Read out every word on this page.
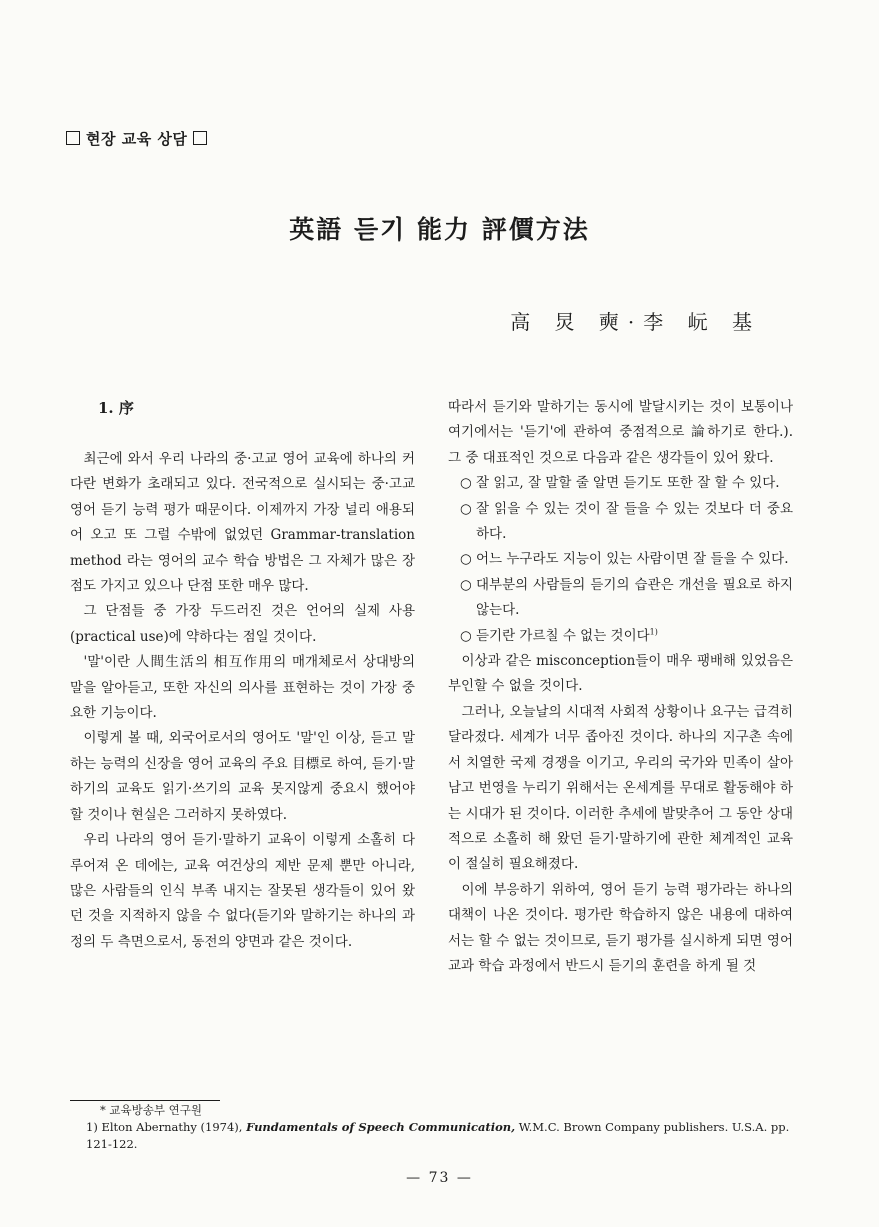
현장 교육 상담
英語 듣기 能力 評價方法
高 炅 奭·李 岏 基
1. 序

최근에 와서 우리 나라의 중·고교 영어 교육에 하나의 커다란 변화가 초래되고 있다. 전국적으로 실시되는 중·고교 영어 듣기 능력 평가 때문이다. 이제까지 가장 널리 애용되어 오고 또 그럴 수밖에 없었던 Grammar-translation method 라는 영어의 교수 학습 방법은 그 자체가 많은 장점도 가지고 있으나 단점 또한 매우 많다.

그 단점들 중 가장 두드러진 것은 언어의 실제 사용(practical use)에 약하다는 점일 것이다.

'말'이란 人間生活의 相互作用의 매개체로서 상대방의 말을 알아듣고, 또한 자신의 의사를 표현하는 것이 가장 중요한 기능이다.

이렇게 볼 때, 외국어로서의 영어도 '말'인 이상, 듣고 말하는 능력의 신장을 영어 교육의 주요 目標로 하여, 듣기·말하기의 교육도 읽기·쓰기의 교육 못지않게 중요시 했어야 할 것이나 현실은 그러하지 못하였다.

우리 나라의 영어 듣기·말하기 교육이 이렇게 소홀히 다루어져 온 데에는, 교육 여건상의 제반 문제 뿐만 아니라, 많은 사람들의 인식 부족 내지는 잘못된 생각들이 있어 왔던 것을 지적하지 않을 수 없다(듣기와 말하기는 하나의 과정의 두 측면으로서, 동전의 양면과 같은 것이다.

따라서 듣기와 말하기는 동시에 발달시키는 것이 보통이나 여기에서는 '듣기'에 관하여 중점적으로 論하기로 한다.). 그 중 대표적인 것으로 다음과 같은 생각들이 있어 왔다.

○ 잘 읽고, 잘 말할 줄 알면 듣기도 또한 잘 할 수 있다.
○ 잘 읽을 수 있는 것이 잘 들을 수 있는 것보다 더 중요하다.
○ 어느 누구라도 지능이 있는 사람이면 잘 들을 수 있다.
○ 대부분의 사람들의 듣기의 습관은 개선을 필요로 하지 않는다.
○ 듣기란 가르칠 수 없는 것이다$^{1)}$

이상과 같은 misconception들이 매우 팽배해 있었음은 부인할 수 없을 것이다.

그러나, 오늘날의 시대적 사회적 상황이나 요구는 급격히 달라졌다. 세계가 너무 좁아진 것이다. 하나의 지구촌 속에서 치열한 국제 경쟁을 이기고, 우리의 국가와 민족이 살아남고 번영을 누리기 위해서는 온세계를 무대로 활동해야 하는 시대가 된 것이다. 이러한 추세에 발맞추어 그 동안 상대적으로 소홀히 해 왔던 듣기·말하기에 관한 체계적인 교육이 절실히 필요해졌다.

이에 부응하기 위하여, 영어 듣기 능력 평가라는 하나의 대책이 나온 것이다. 평가란 학습하지 않은 내용에 대하여서는 할 수 없는 것이므로, 듣기 평가를 실시하게 되면 영어 교과 학습 과정에서 반드시 듣기의 훈련을 하게 될 것

* 교육방송부 연구원
1) Elton Abernathy (1974), Fundamentals of Speech Communication, W.M.C. Brown Company publishers. U.S.A. pp. 121-122.
— 73 —
